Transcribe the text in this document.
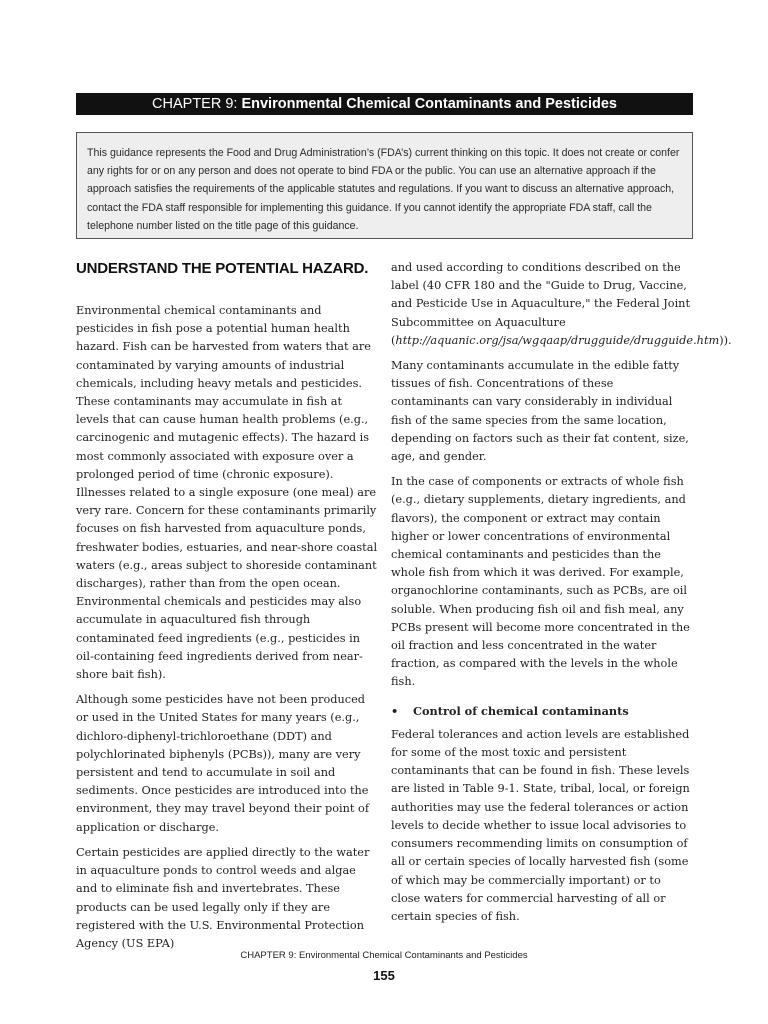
CHAPTER 9: Environmental Chemical Contaminants and Pesticides
This guidance represents the Food and Drug Administration’s (FDA’s) current thinking on this topic. It does not create or confer any rights for or on any person and does not operate to bind FDA or the public. You can use an alternative approach if the approach satisfies the requirements of the applicable statutes and regulations. If you want to discuss an alternative approach, contact the FDA staff responsible for implementing this guidance. If you cannot identify the appropriate FDA staff, call the telephone number listed on the title page of this guidance.
UNDERSTAND THE POTENTIAL HAZARD.

Environmental chemical contaminants and pesticides in fish pose a potential human health hazard. Fish can be harvested from waters that are contaminated by varying amounts of industrial chemicals, including heavy metals and pesticides. These contaminants may accumulate in fish at levels that can cause human health problems (e.g., carcinogenic and mutagenic effects). The hazard is most commonly associated with exposure over a prolonged period of time (chronic exposure). Illnesses related to a single exposure (one meal) are very rare. Concern for these contaminants primarily focuses on fish harvested from aquaculture ponds, freshwater bodies, estuaries, and near-shore coastal waters (e.g., areas subject to shoreside contaminant discharges), rather than from the open ocean. Environmental chemicals and pesticides may also accumulate in aquacultured fish through contaminated feed ingredients (e.g., pesticides in oil-containing feed ingredients derived from near-shore bait fish).

Although some pesticides have not been produced or used in the United States for many years (e.g., dichloro-diphenyl-trichloroethane (DDT) and polychlorinated biphenyls (PCBs)), many are very persistent and tend to accumulate in soil and sediments. Once pesticides are introduced into the environment, they may travel beyond their point of application or discharge.

Certain pesticides are applied directly to the water in aquaculture ponds to control weeds and algae and to eliminate fish and invertebrates. These products can be used legally only if they are registered with the U.S. Environmental Protection Agency (US EPA)

and used according to conditions described on the label (40 CFR 180 and the "Guide to Drug, Vaccine, and Pesticide Use in Aquaculture," the Federal Joint Subcommittee on Aquaculture (http://aquanic.org/jsa/wgqaap/drugguide/drugguide.htm)).

Many contaminants accumulate in the edible fatty tissues of fish. Concentrations of these contaminants can vary considerably in individual fish of the same species from the same location, depending on factors such as their fat content, size, age, and gender.

In the case of components or extracts of whole fish (e.g., dietary supplements, dietary ingredients, and flavors), the component or extract may contain higher or lower concentrations of environmental chemical contaminants and pesticides than the whole fish from which it was derived. For example, organochlorine contaminants, such as PCBs, are oil soluble. When producing fish oil and fish meal, any PCBs present will become more concentrated in the oil fraction and less concentrated in the water fraction, as compared with the levels in the whole fish.

• Control of chemical contaminants

Federal tolerances and action levels are established for some of the most toxic and persistent contaminants that can be found in fish. These levels are listed in Table 9-1. State, tribal, local, or foreign authorities may use the federal tolerances or action levels to decide whether to issue local advisories to consumers recommending limits on consumption of all or certain species of locally harvested fish (some of which may be commercially important) or to close waters for commercial harvesting of all or certain species of fish.

CHAPTER 9: Environmental Chemical Contaminants and Pesticides
155
